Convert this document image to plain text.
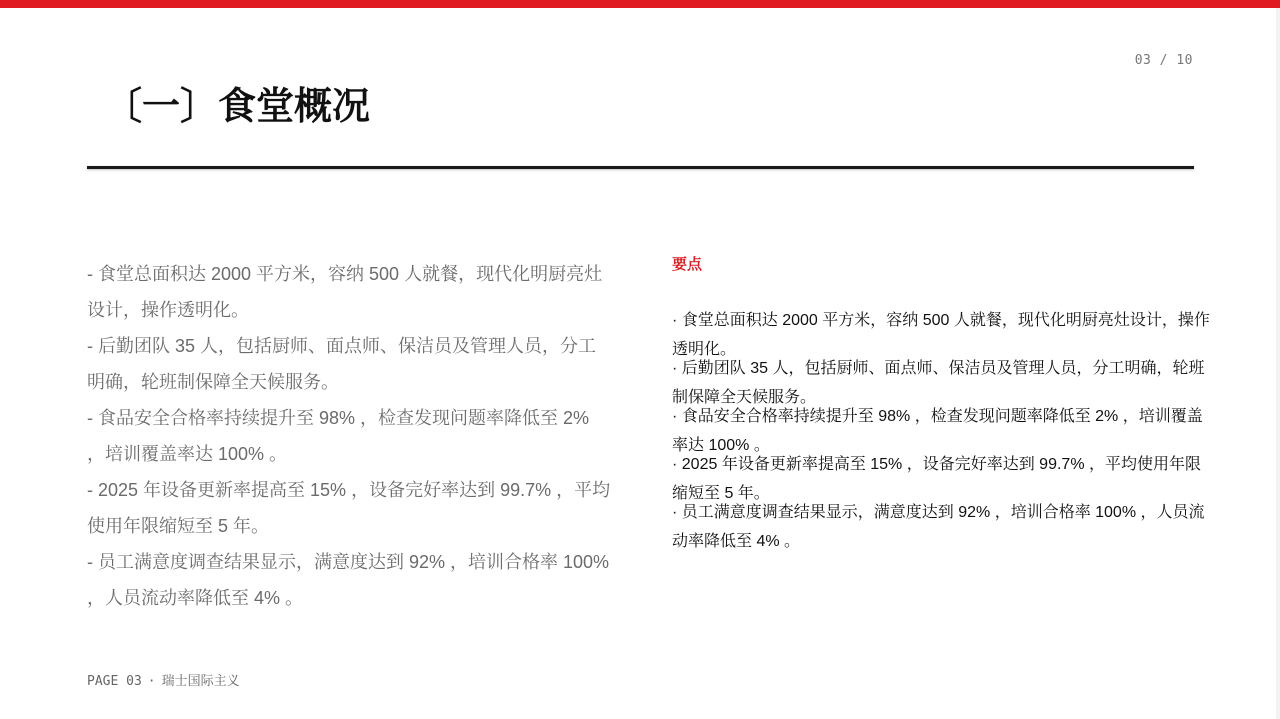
03 / 10
〔一〕食堂概况

- 食堂总面积达 2000 平方米，容纳 500 人就餐，现代化明厨亮灶设计，操作透明化。

- 后勤团队 35 人，包括厨师、面点师、保洁员及管理人员，分工明确，轮班制保障全天候服务。

- 食品安全合格率持续提升至 98% ，检查发现问题率降低至 2% ，培训覆盖率达 100% 。

- 2025 年设备更新率提高至 15% ，设备完好率达到 99.7% ，平均使用年限缩短至 5 年。

- 员工满意度调查结果显示，满意度达到 92% ，培训合格率 100% ，人员流动率降低至 4% 。

要点

· 食堂总面积达 2000 平方米，容纳 500 人就餐，现代化明厨亮灶设计，操作透明化。

· 后勤团队 35 人，包括厨师、面点师、保洁员及管理人员，分工明确，轮班制保障全天候服务。

· 食品安全合格率持续提升至 98% ，检查发现问题率降低至 2% ，培训覆盖率达 100% 。

· 2025 年设备更新率提高至 15% ，设备完好率达到 99.7% ，平均使用年限缩短至 5 年。

· 员工满意度调查结果显示，满意度达到 92% ，培训合格率 100% ，人员流动率降低至 4% 。

PAGE 03 · 瑞士国际主义
